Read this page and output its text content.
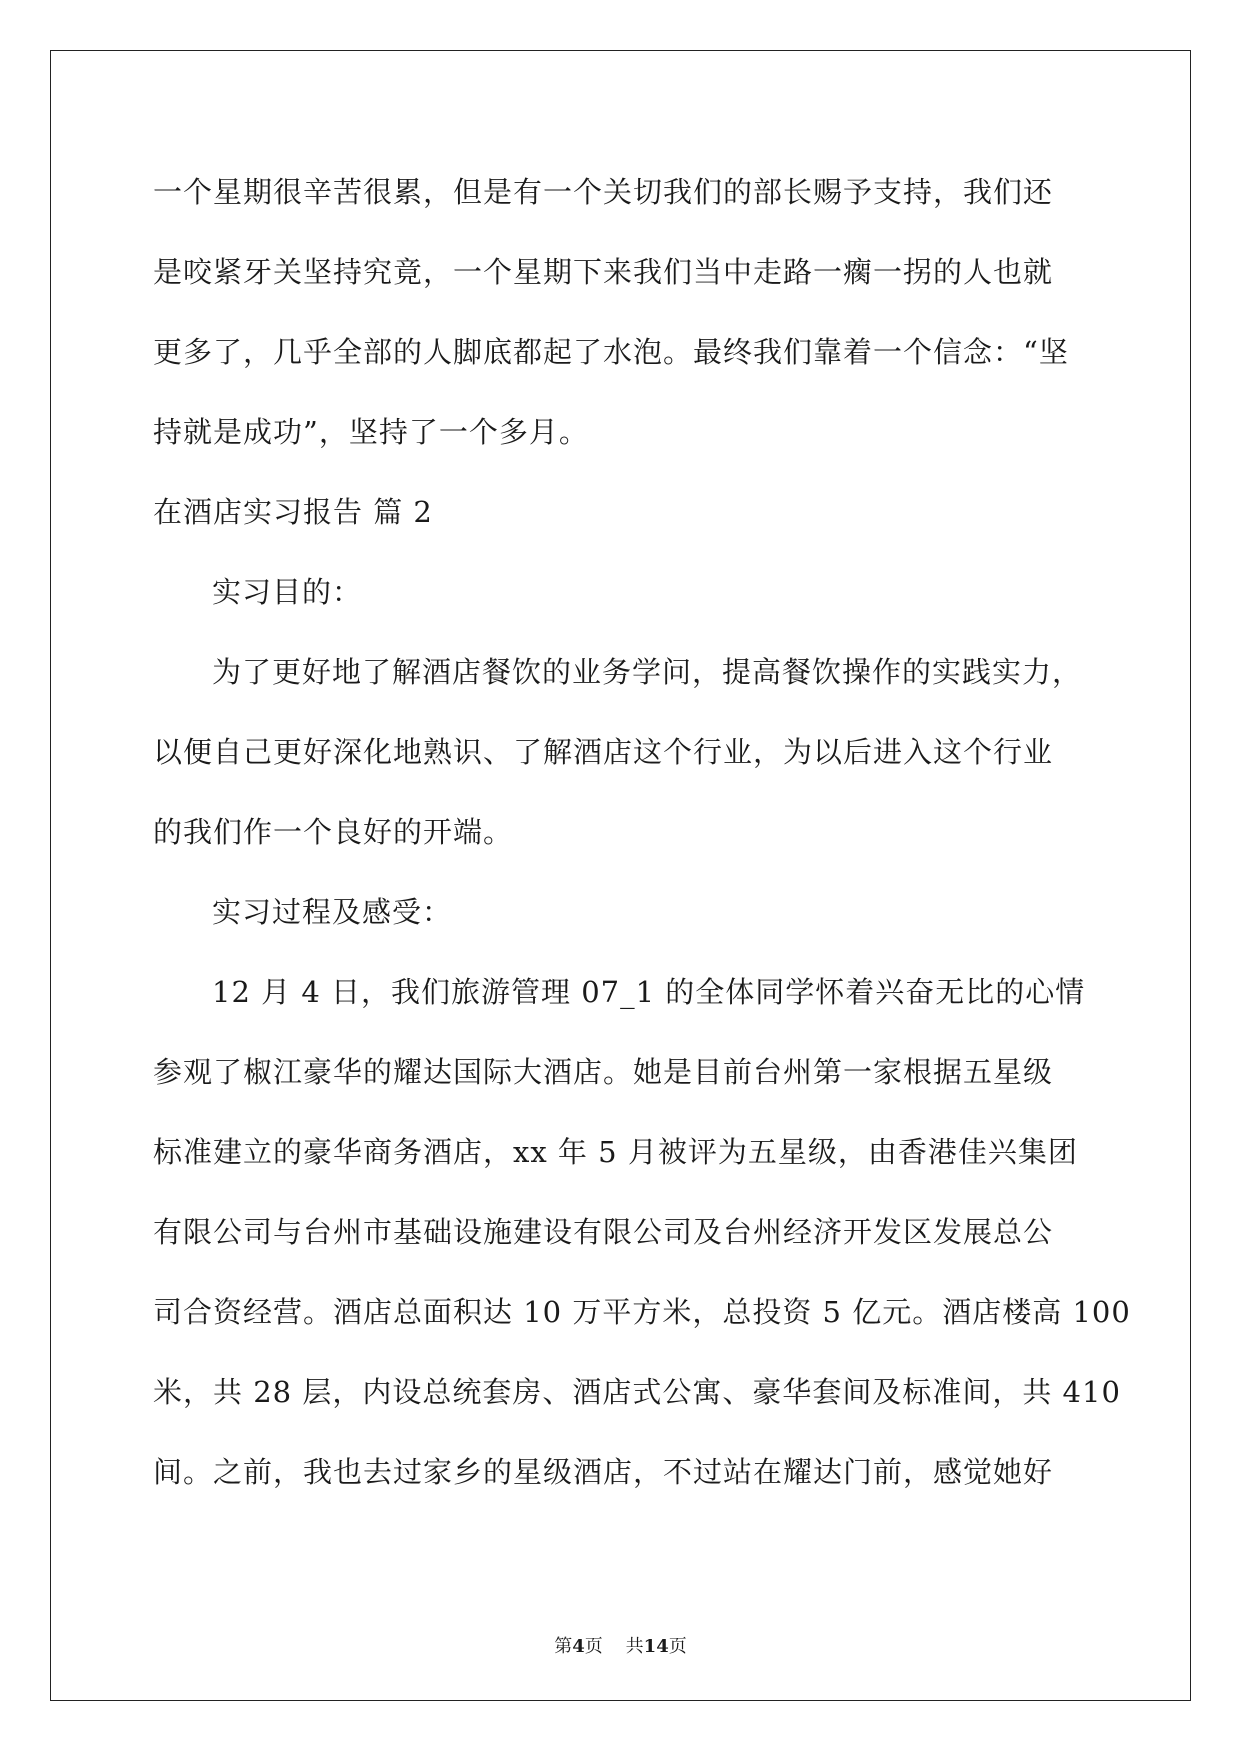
一个星期很辛苦很累，但是有一个关切我们的部长赐予支持，我们还
是咬紧牙关坚持究竟，一个星期下来我们当中走路一瘸一拐的人也就
更多了，几乎全部的人脚底都起了水泡。最终我们靠着一个信念：“坚
持就是成功”，坚持了一个多月。
在酒店实习报告 篇 2
实习目的：
为了更好地了解酒店餐饮的业务学问，提高餐饮操作的实践实力，
以便自己更好深化地熟识、了解酒店这个行业，为以后进入这个行业
的我们作一个良好的开端。
实习过程及感受：
12 月 4 日，我们旅游管理 07_1 的全体同学怀着兴奋无比的心情
参观了椒江豪华的耀达国际大酒店。她是目前台州第一家根据五星级
标准建立的豪华商务酒店，xx 年 5 月被评为五星级，由香港佳兴集团
有限公司与台州市基础设施建设有限公司及台州经济开发区发展总公
司合资经营。酒店总面积达 10 万平方米，总投资 5 亿元。酒店楼高 100
米，共 28 层，内设总统套房、酒店式公寓、豪华套间及标准间，共 410
间。之前，我也去过家乡的星级酒店，不过站在耀达门前，感觉她好
第4页 共14页
